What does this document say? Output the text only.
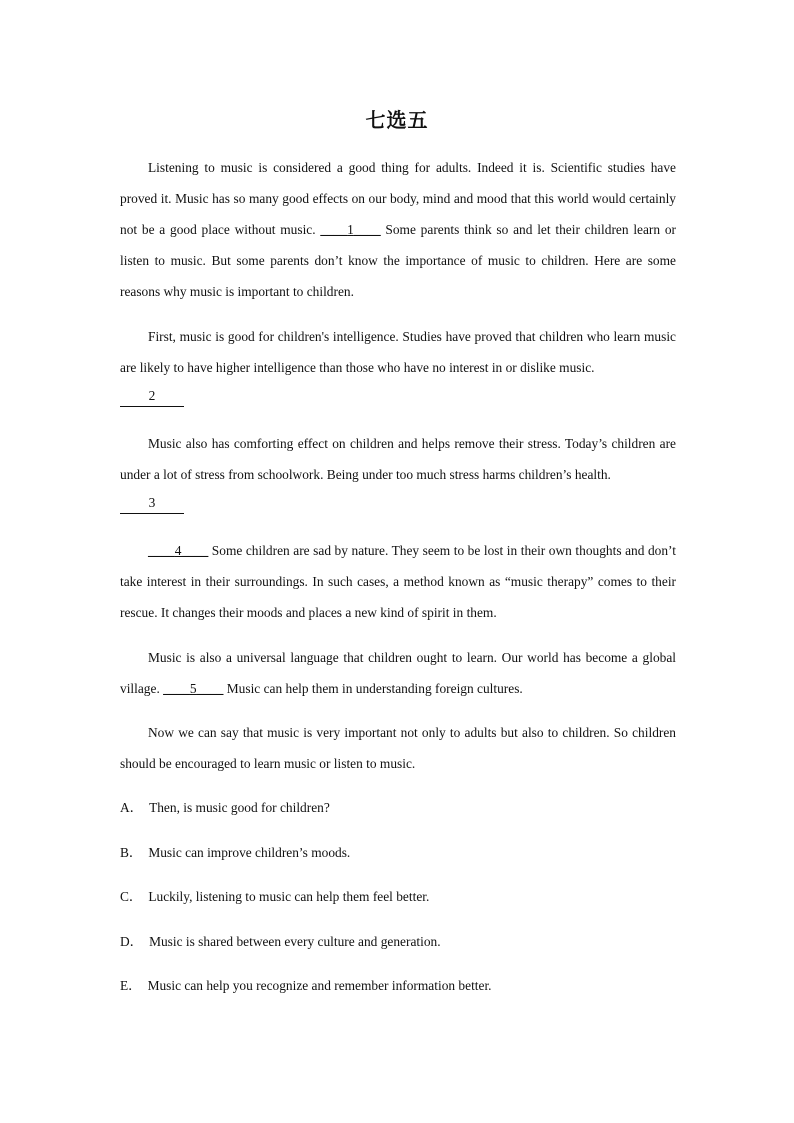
七选五

Listening to music is considered a good thing for adults. Indeed it is. Scientific studies have proved it. Music has so many good effects on our body, mind and mood that this world would certainly not be a good place without music. ____1____ Some parents think so and let their children learn or listen to music. But some parents don’t know the importance of music to children. Here are some reasons why music is important to children.

First, music is good for children's intelligence. Studies have proved that children who learn music are likely to have higher intelligence than those who have no interest in or dislike music.
2

Music also has comforting effect on children and helps remove their stress. Today’s children are under a lot of stress from schoolwork. Being under too much stress harms children’s health.
3

____4____ Some children are sad by nature. They seem to be lost in their own thoughts and don’t take interest in their surroundings. In such cases, a method known as “music therapy” comes to their rescue. It changes their moods and places a new kind of spirit in them.

Music is also a universal language that children ought to learn. Our world has become a global village. ____5____ Music can help them in understanding foreign cultures.

Now we can say that music is very important not only to adults but also to children. So children should be encouraged to learn music or listen to music.

A． Then, is music good for children?

B． Music can improve children’s moods.

C． Luckily, listening to music can help them feel better.

D． Music is shared between every culture and generation.

E． Music can help you recognize and remember information better.
